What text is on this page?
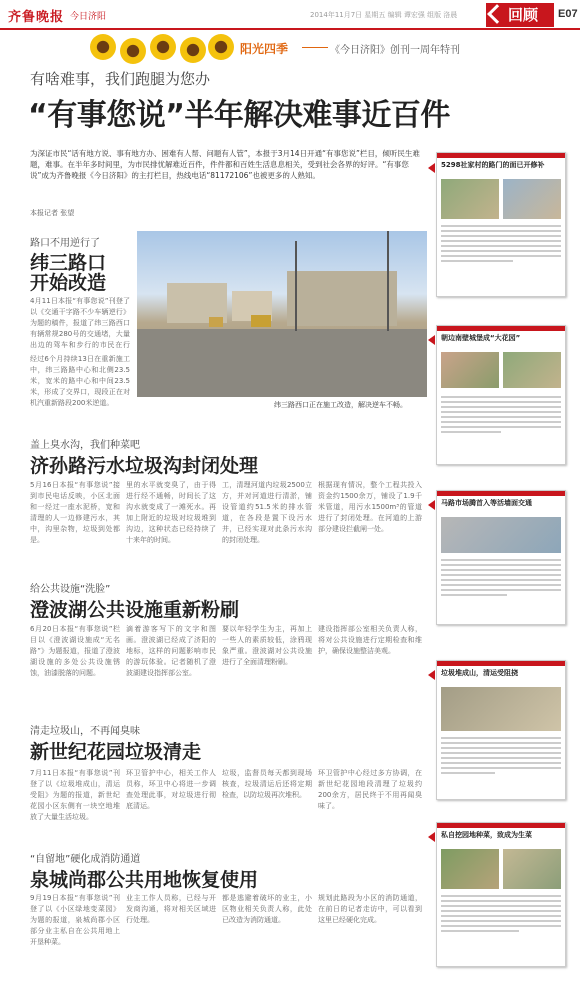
齐鲁晚报 今日济阳	2014年11月7日 星期五 编辑 谭宏强 组版 洛晨	回顾	E07
阳光四季	《今日济阳》创刊一周年特刊
有啥难事，我们跑腿为您办
“有事您说”半年解决难事近百件
为深证市民“话有地方说、事有地方办、困难有人帮、问题有人管”，本报于3月14日开通“有事您说”栏目，倾听民生难题，难事。在半年多时间里，为市民排忧解难近百件，件件都和百姓生活息息相关，受到社会各界的好评。“有事您说”成为齐鲁晚报《今日济阳》的主打栏目，热线电话“81172106”也被更多的人熟知。
本报记者 张望
路口不用逆行了
纬三路口
开始改造
4月11日本报“有事您说”刊登了以《交通干字路不少车辆逆行》为题的稿件，报道了纬三路西口有辆常规280号的交通堵，大量出边的驾车和步行的市民在行
经过6个月持续13日在重新施工中，纬三路路中心和北侧23.5米，宽米的路中心和中间23.5米，形成了交界口，现段正在对机汽重新路段200米逆道。	纬三路西口正在施工改造，解决逆车不畅。
盖上臭水沟，我们种菜吧
济孙路污水垃圾沟封闭处理
5月16日本报“有事您说”接到市民电话反映，小区北面和一经过一座水泥桥，宽和清理的人一边修建污水，其中，沟里杂物，垃圾到处都是。
里的水平就变臭了，由于得进行经不通畅，时间长了这沟水就变成了一滩死水。再加上附近的垃圾对垃圾堆到沟边，这种状态已经持续了十来年的时间。
工，清理河道内垃圾2500立方，并对河道进行清淤，铺设管道约51.5米的排水管道，在各段是置下设污水井，已经实现对此条污水沟的封闭处理。
根据现有情况，整个工程共投入资金约1500余万，铺设了1.9千米管道，用污水1500m³的管道进行了封闭处理。在河道的上游部分建设拦截闸一处。
给公共设施“洗脸”
澄波湖公共设施重新粉刷
6月20日本报“有事您说”栏目以《澄波湖设施成“无名路”》为题报道，报道了澄波湖设施的多处公共设施锈蚀，油漆脱落的问题。
滴着游客写下的文字和图画。澄波湖已经成了济阳的地标，这样的问题影响市民的游玩体验。记者随机了澄波湖建设指挥部公室。
要以年轻学生为主，再加上一些人的素质较低，涂鸦现象严重。澄波湖对公共设施进行了全面清理粉刷。
建设指挥部公室相关负责人称，将对公共设施进行定期检查和维护，确保设施整洁美观。
清走垃圾山，不再闻臭味
新世纪花园垃圾清走
7月11日本报“有事您说”刊登了以《垃圾堆成山，清运受阻》为题的报道，新世纪花园小区东侧有一块空地堆放了大量生活垃圾。
环卫管护中心，相关工作人员称，环卫中心将进一步调查处理此事，对垃圾进行彻底清运。
垃圾，监督员每天都到现场核查，垃圾清运后还将定期检查，以防垃圾再次堆积。
环卫管护中心经过多方协调，在新世纪花园地段清理了垃圾约200余方，居民终于不用再闻臭味了。
“自留地”硬化成消防通道
泉城尚郡公共用地恢复使用
9月19日本报“有事您说”刊登了以《小区绿地变菜园》为题的报道，泉城尚郡小区部分业主私自在公共用地上开垦种菜。
业主工作人员称，已经与开发商沟通，将对相关区域进行处理。
都是逃避着破坏的业主，小区物业相关负责人称，此处已改造为消防通道。
规划此路段为小区的消防通道，在前日的记者走访中，可以看到这里已经硬化完成。
5298社家村的路门的面已开修补
朝边南壁城堡成“大花园”
马路市场腾首入等活墙面交通
垃圾堆成山，清运受阻挠
私自挖园地种菜，致成为生菜
